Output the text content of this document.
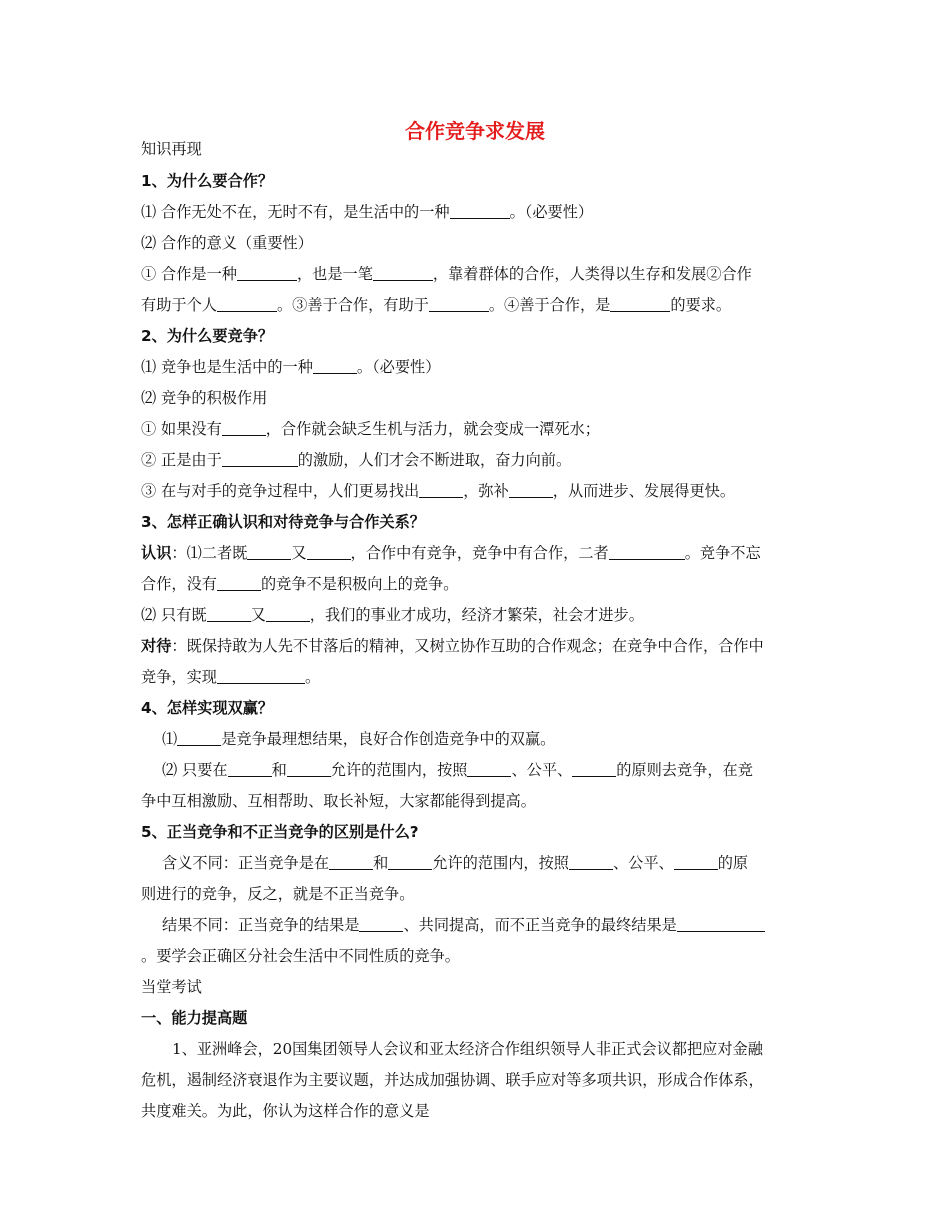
合作竞争求发展
知识再现
1、为什么要合作？
⑴ 合作无处不在，无时不有，是生活中的一种	。（必要性）
⑵ 合作的意义（重要性）
① 合作是一种	，也是一笔	，靠着群体的合作，人类得以生存和发展②合作
有助于个人	。③善于合作，有助于	。④善于合作，是	的要求。
2、为什么要竞争？
⑴ 竞争也是生活中的一种	。（必要性）
⑵ 竞争的积极作用
① 如果没有	，合作就会缺乏生机与活力，就会变成一潭死水；
② 正是由于	的激励，人们才会不断进取，奋力向前。
③ 在与对手的竞争过程中，人们更易找出	，弥补	，从而进步、发展得更快。
3、怎样正确认识和对待竞争与合作关系？
认识：⑴二者既	又	，合作中有竞争，竞争中有合作，二者	。竞争不忘
合作，没有	的竞争不是积极向上的竞争。
⑵ 只有既	又	，我们的事业才成功，经济才繁荣，社会才进步。
对待：既保持敢为人先不甘落后的精神，又树立协作互助的合作观念；在竞争中合作，合作中
竞争，实现	。
4、怎样实现双赢？
⑴	是竞争最理想结果，良好合作创造竞争中的双赢。
⑵ 只要在	和	允许的范围内，按照	、公平、	的原则去竞争，在竞
争中互相激励、互相帮助、取长补短，大家都能得到提高。
5、正当竞争和不正当竞争的区别是什么?
含义不同：正当竞争是在	和	允许的范围内，按照	、公平、	的原
则进行的竞争，反之，就是不正当竞争。
结果不同：正当竞争的结果是	、共同提高，而不正当竞争的最终结果是
。要学会正确区分社会生活中不同性质的竞争。
当堂考试
一、能力提高题
1、亚洲峰会，20国集团领导人会议和亚太经济合作组织领导人非正式会议都把应对金融
危机，遏制经济衰退作为主要议题，并达成加强协调、联手应对等多项共识，形成合作体系，
共度难关。为此，你认为这样合作的意义是
